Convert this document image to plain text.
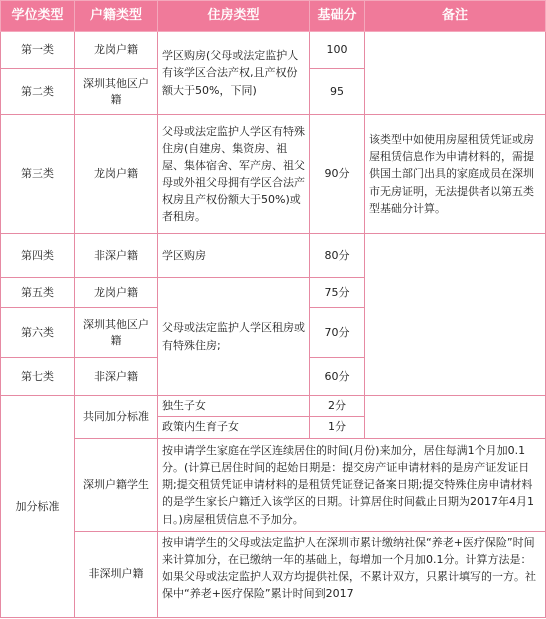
学位类型	户籍类型	住房类型	基础分	备注
第一类	龙岗户籍	学区购房(父母或法定监护人有该学区合法产权,且产权份额大于50%，下同)	100	
第二类	深圳其他区户籍		95	
第三类	龙岗户籍	父母或法定监护人学区有特殊住房(自建房、集资房、祖屋、集体宿舍、军产房、祖父母或外祖父母拥有学区合法产权房且产权份额大于50%)或者租房。	90分	该类型中如使用房屋租赁凭证或房屋租赁信息作为申请材料的，需提供国土部门出具的家庭成员在深圳市无房证明，无法提供者以第五类型基础分计算。
第四类	非深户籍	学区购房	80分	
第五类	龙岗户籍	父母或法定监护人学区租房或有特殊住房;	75分	
第六类	深圳其他区户籍		70分	
第七类	非深户籍		60分	
加分标准	共同加分标准	独生子女	2分	
		政策内生育子女	1分	
	深圳户籍学生	按申请学生家庭在学区连续居住的时间(月份)来加分，居住每满1个月加0.1分。(计算已居住时间的起始日期是：提交房产证申请材料的是房产证发证日期;提交租赁凭证申请材料的是租赁凭证登记备案日期;提交特殊住房申请材料的是学生家长户籍迁入该学区的日期。计算居住时间截止日期为2017年4月1日。)房屋租赁信息不予加分。		
	非深圳户籍	按申请学生的父母或法定监护人在深圳市累计缴纳社保“养老+医疗保险”时间来计算加分，在已缴纳一年的基础上，每增加一个月加0.1分。计算方法是：如果父母或法定监护人双方均提供社保，不累计双方，只累计填写的一方。社保中“养老+医疗保险”累计时间到2017		
